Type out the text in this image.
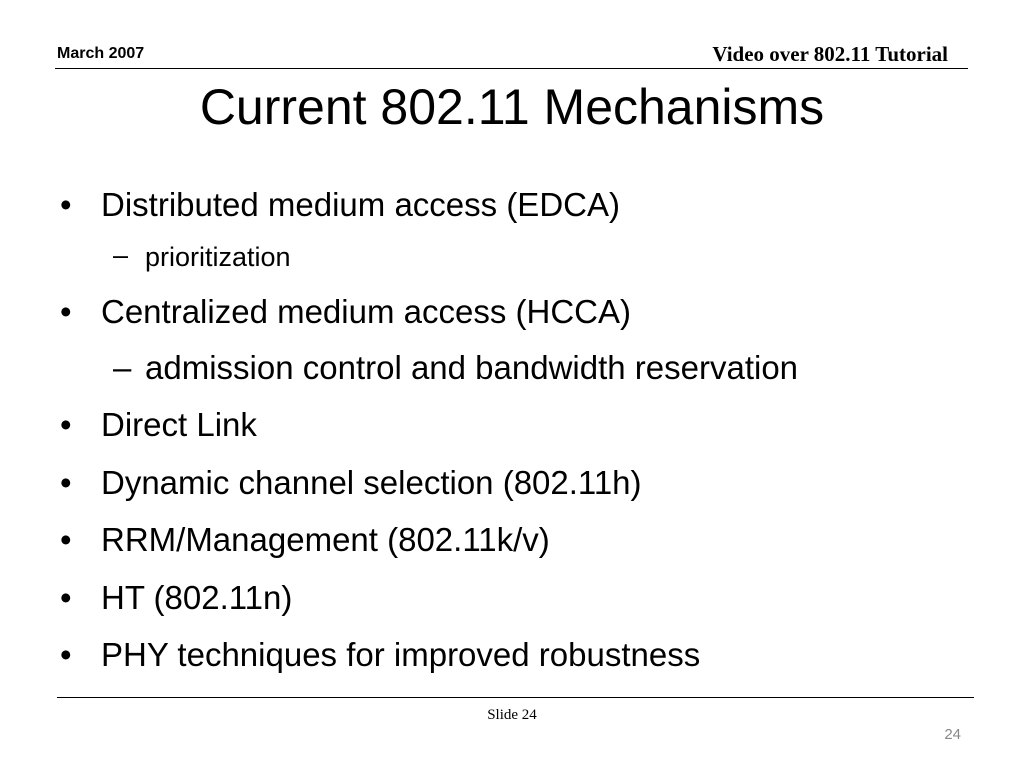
March 2007	Video over 802.11 Tutorial
Current 802.11 Mechanisms
• Distributed medium access (EDCA)
– prioritization
• Centralized medium access (HCCA)
– admission control and bandwidth reservation
• Direct Link
• Dynamic channel selection (802.11h)
• RRM/Management (802.11k/v)
• HT (802.11n)
• PHY techniques for improved robustness
Slide 24
24
